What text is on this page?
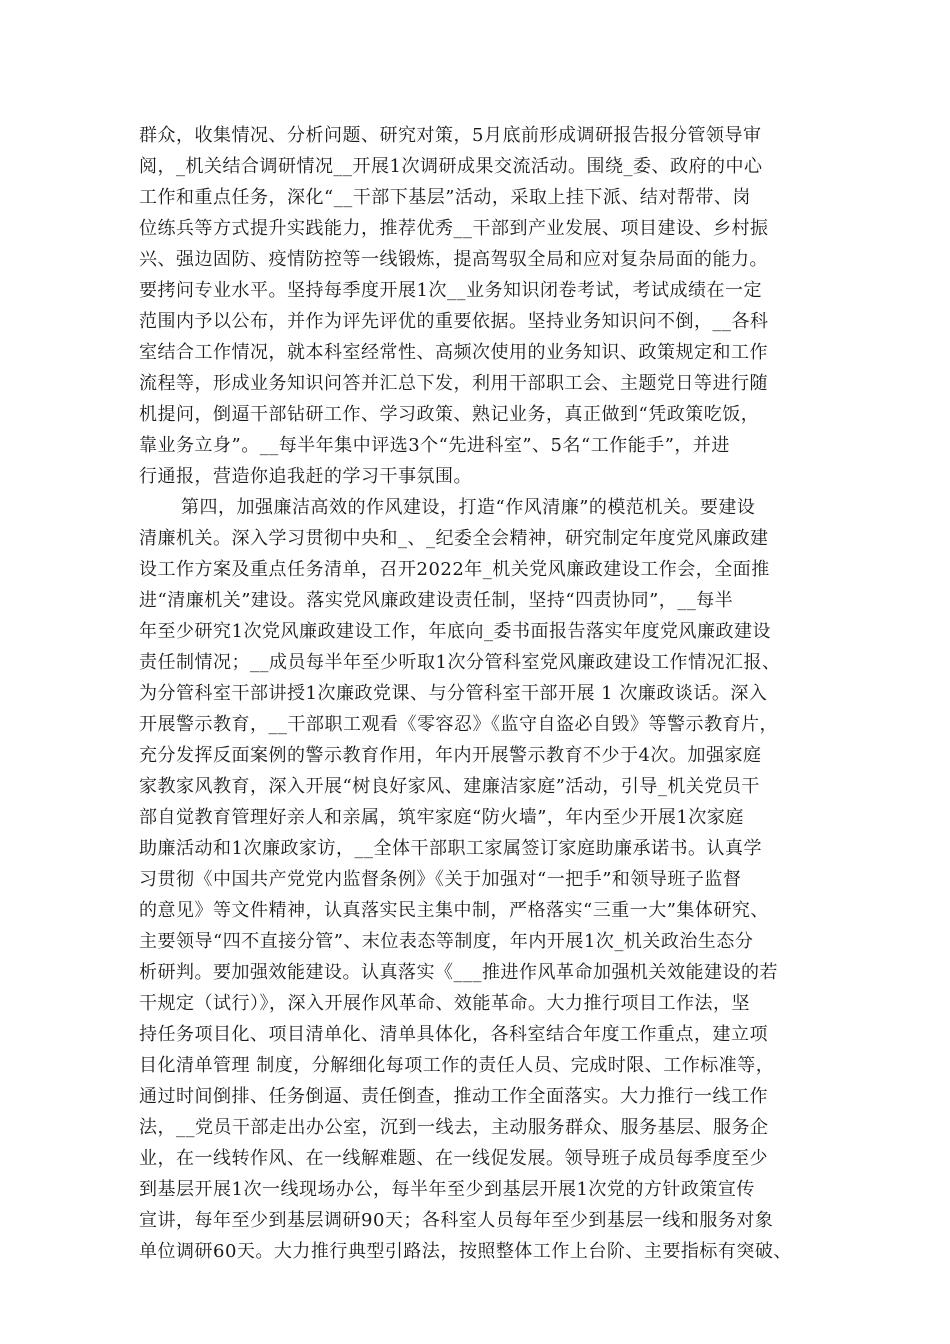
群众，收集情况、分析问题、研究对策，5月底前形成调研报告报分管领导审
阅，_机关结合调研情况__开展1次调研成果交流活动。围绕_委、政府的中心
工作和重点任务，深化“__干部下基层”活动，采取上挂下派、结对帮带、岗
位练兵等方式提升实践能力，推荐优秀__干部到产业发展、项目建设、乡村振
兴、强边固防、疫情防控等一线锻炼，提高驾驭全局和应对复杂局面的能力。
要拷问专业水平。坚持每季度开展1次__业务知识闭卷考试，考试成绩在一定
范围内予以公布，并作为评先评优的重要依据。坚持业务知识问不倒，__各科
室结合工作情况，就本科室经常性、高频次使用的业务知识、政策规定和工作
流程等，形成业务知识问答并汇总下发，利用干部职工会、主题党日等进行随
机提问，倒逼干部钻研工作、学习政策、熟记业务，真正做到“凭政策吃饭，
靠业务立身”。__每半年集中评选3个“先进科室”、5名“工作能手”，并进
行通报，营造你追我赶的学习干事氛围。
第四，加强廉洁高效的作风建设，打造“作风清廉”的模范机关。要建设
清廉机关。深入学习贯彻中央和_、_纪委全会精神，研究制定年度党风廉政建
设工作方案及重点任务清单，召开2022年_机关党风廉政建设工作会，全面推
进“清廉机关”建设。落实党风廉政建设责任制，坚持“四责协同”，__每半
年至少研究1次党风廉政建设工作，年底向_委书面报告落实年度党风廉政建设
责任制情况；__成员每半年至少听取1次分管科室党风廉政建设工作情况汇报、
为分管科室干部讲授1次廉政党课、与分管科室干部开展 1 次廉政谈话。深入
开展警示教育，__干部职工观看《零容忍》《监守自盗必自毁》等警示教育片，
充分发挥反面案例的警示教育作用，年内开展警示教育不少于4次。加强家庭
家教家风教育，深入开展“树良好家风、建廉洁家庭”活动，引导_机关党员干
部自觉教育管理好亲人和亲属，筑牢家庭“防火墙”，年内至少开展1次家庭
助廉活动和1次廉政家访，__全体干部职工家属签订家庭助廉承诺书。认真学
习贯彻《中国共产党党内监督条例》《关于加强对“一把手”和领导班子监督
的意见》等文件精神，认真落实民主集中制，严格落实“三重一大”集体研究、
主要领导“四不直接分管”、末位表态等制度，年内开展1次_机关政治生态分
析研判。要加强效能建设。认真落实《___推进作风革命加强机关效能建设的若
干规定（试行）》，深入开展作风革命、效能革命。大力推行项目工作法，坚
持任务项目化、项目清单化、清单具体化，各科室结合年度工作重点，建立项
目化清单管理 制度，分解细化每项工作的责任人员、完成时限、工作标准等，
通过时间倒排、任务倒逼、责任倒查，推动工作全面落实。大力推行一线工作
法，__党员干部走出办公室，沉到一线去，主动服务群众、服务基层、服务企
业，在一线转作风、在一线解难题、在一线促发展。领导班子成员每季度至少
到基层开展1次一线现场办公，每半年至少到基层开展1次党的方针政策宣传
宣讲，每年至少到基层调研90天；各科室人员每年至少到基层一线和服务对象
单位调研60天。大力推行典型引路法，按照整体工作上台阶、主要指标有突破、
